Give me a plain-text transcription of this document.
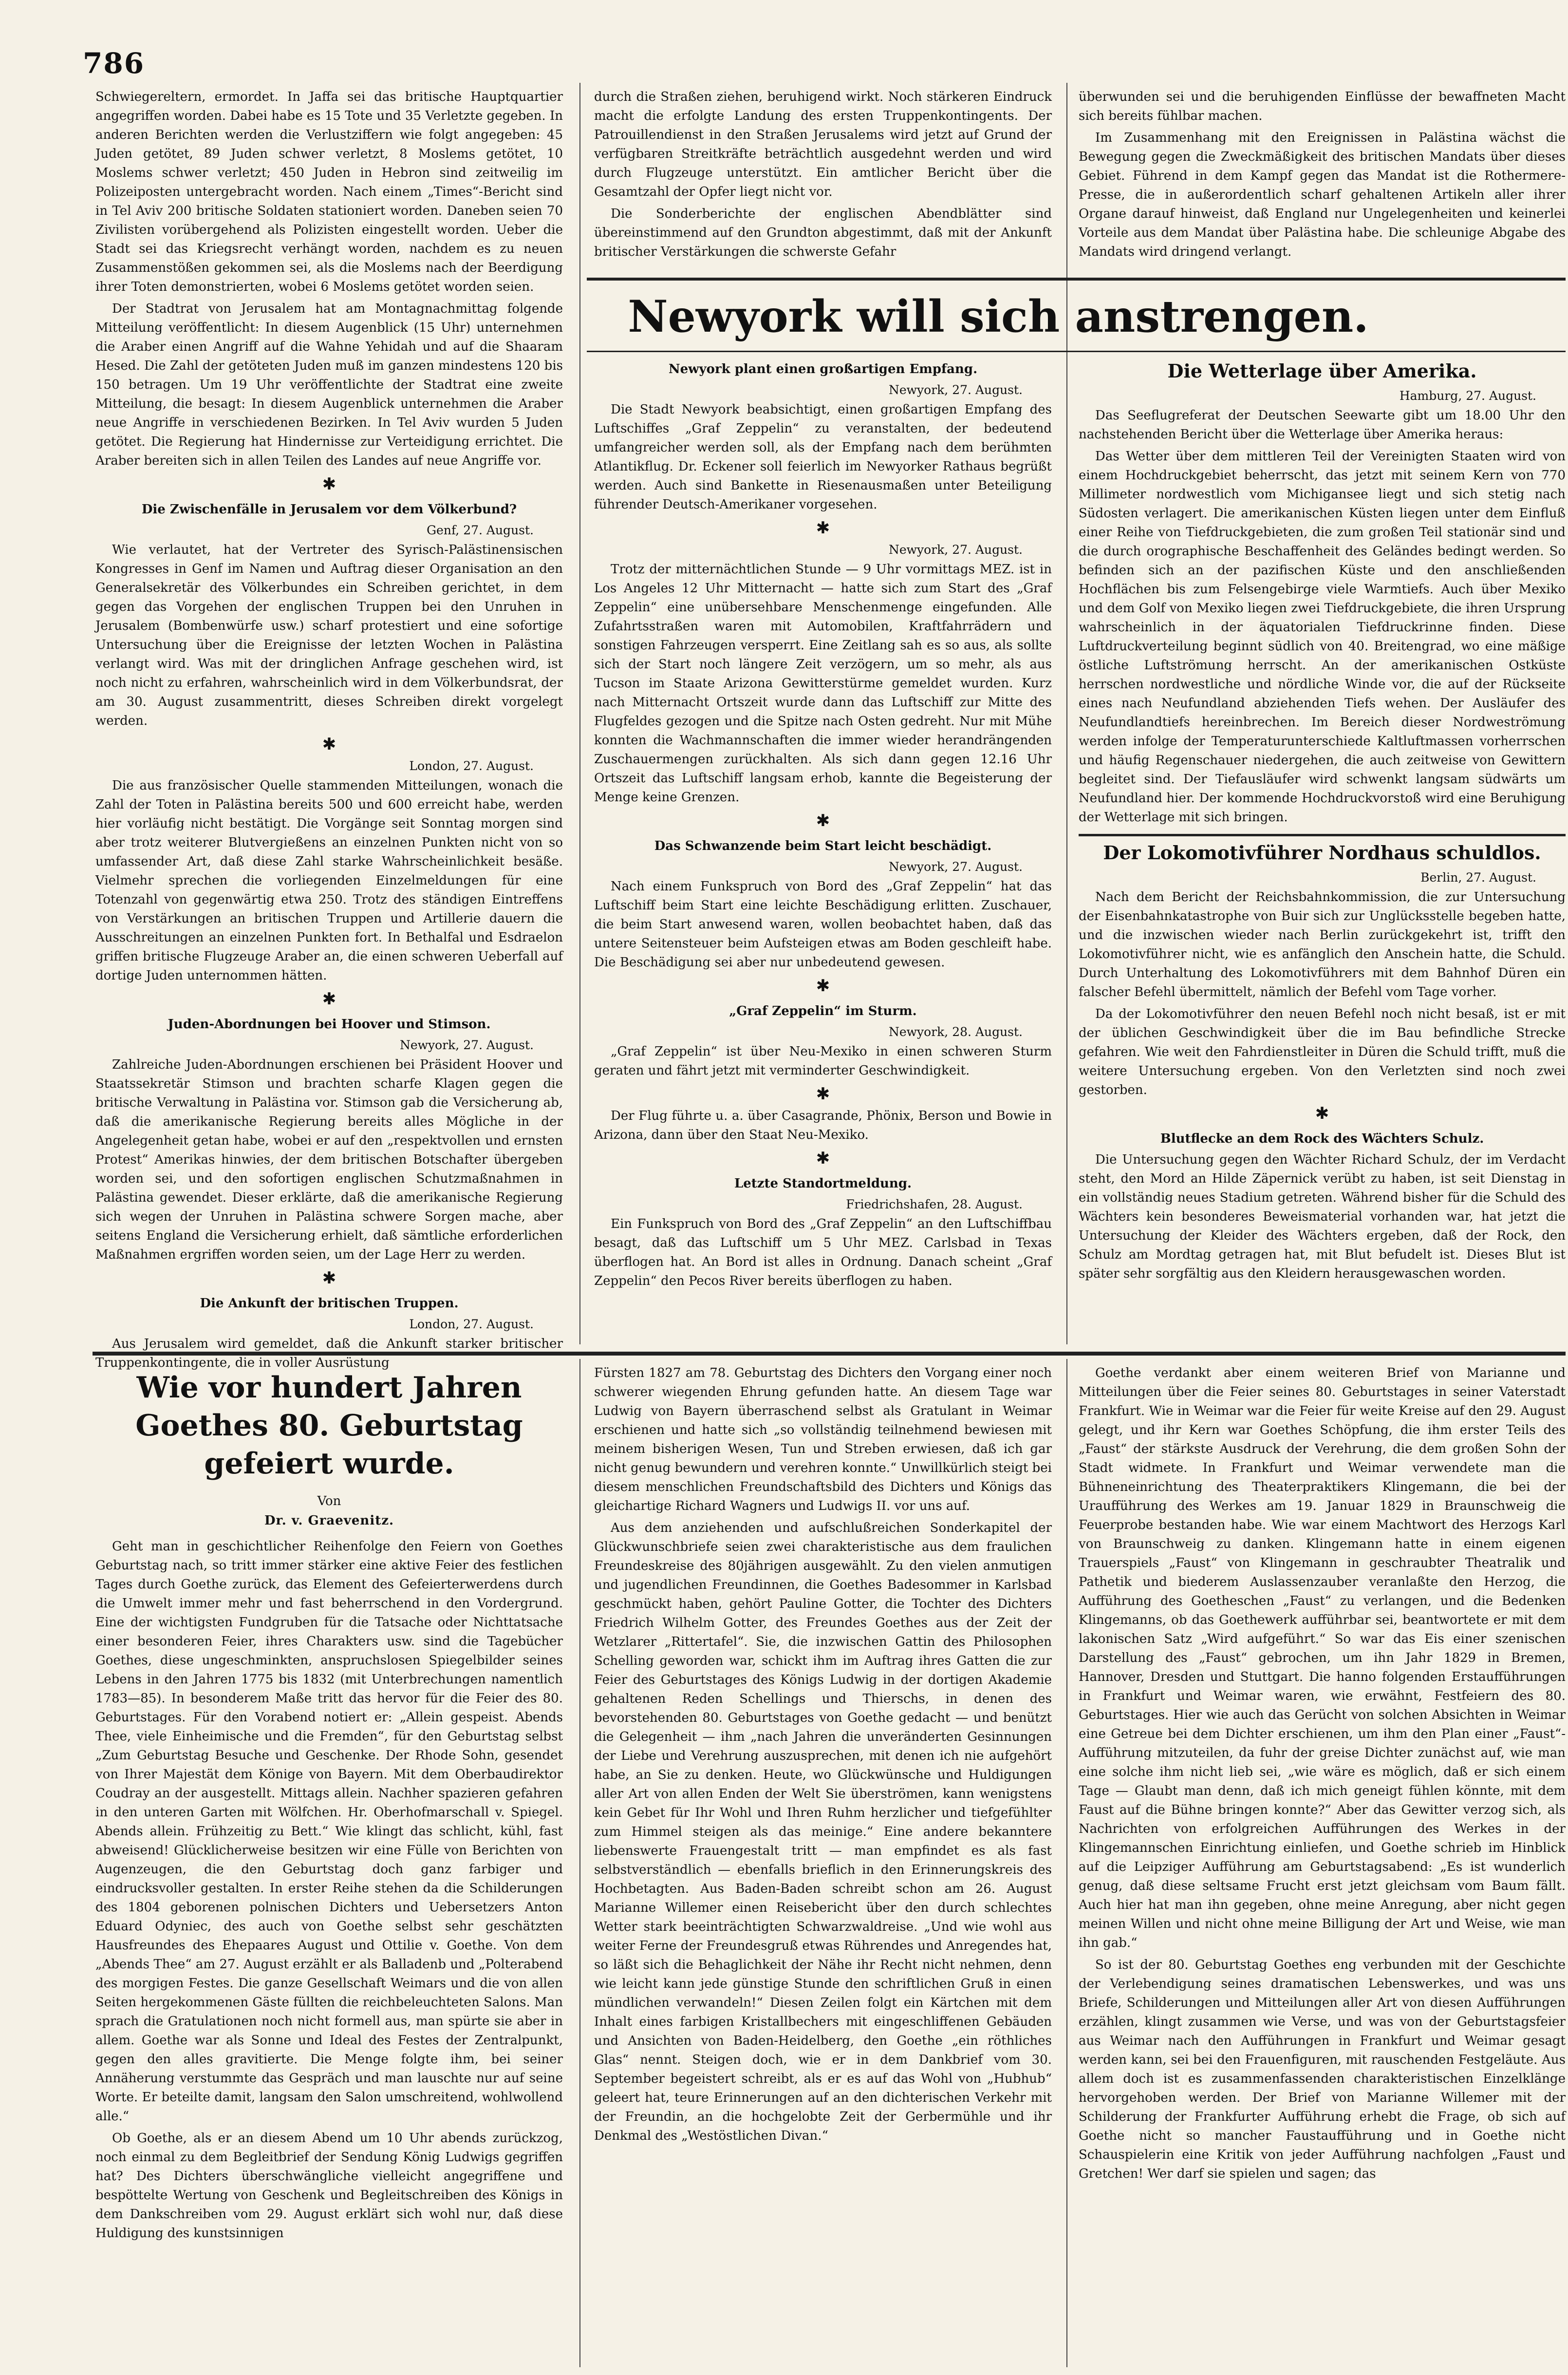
786

Schwiegereltern, ermordet. In Jaffa sei das britische Hauptquartier angegriffen worden. Dabei habe es 15 Tote und 35 Verletzte gegeben. In anderen Berichten werden die Verlustziffern wie folgt angegeben: 45 Juden getötet, 89 Juden schwer verletzt, 8 Moslems getötet, 10 Moslems schwer verletzt; 450 Juden in Hebron sind zeitweilig im Polizeiposten untergebracht worden. Nach einem „Times“-Bericht sind in Tel Aviv 200 britische Soldaten stationiert worden. Daneben seien 70 Zivilisten vorübergehend als Polizisten eingestellt worden. Ueber die Stadt sei das Kriegsrecht verhängt worden, nachdem es zu neuen Zusammenstößen gekommen sei, als die Moslems nach der Beerdigung ihrer Toten demonstrierten, wobei 6 Moslems getötet worden seien.

Der Stadtrat von Jerusalem hat am Montagnachmittag folgende Mitteilung veröffentlicht: In diesem Augenblick (15 Uhr) unternehmen die Araber einen Angriff auf die Wahne Yehidah und auf die Shaaram Hesed. Die Zahl der getöteten Juden muß im ganzen mindestens 120 bis 150 betragen. Um 19 Uhr veröffentlichte der Stadtrat eine zweite Mitteilung, die besagt: In diesem Augenblick unternehmen die Araber neue Angriffe in verschiedenen Bezirken. In Tel Aviv wurden 5 Juden getötet. Die Regierung hat Hindernisse zur Verteidigung errichtet. Die Araber bereiten sich in allen Teilen des Landes auf neue Angriffe vor.

✱
Die Zwischenfälle in Jerusalem vor dem Völkerbund?
Genf, 27. August.

Wie verlautet, hat der Vertreter des Syrisch-Palästinensischen Kongresses in Genf im Namen und Auftrag dieser Organisation an den Generalsekretär des Völkerbundes ein Schreiben gerichtet, in dem gegen das Vorgehen der englischen Truppen bei den Unruhen in Jerusalem (Bombenwürfe usw.) scharf protestiert und eine sofortige Untersuchung über die Ereignisse der letzten Wochen in Palästina verlangt wird. Was mit der dringlichen Anfrage geschehen wird, ist noch nicht zu erfahren, wahrscheinlich wird in dem Völkerbundsrat, der am 30. August zusammentritt, dieses Schreiben direkt vorgelegt werden.

✱
London, 27. August.

Die aus französischer Quelle stammenden Mitteilungen, wonach die Zahl der Toten in Palästina bereits 500 und 600 erreicht habe, werden hier vorläufig nicht bestätigt. Die Vorgänge seit Sonntag morgen sind aber trotz weiterer Blutvergießens an einzelnen Punkten nicht von so umfassender Art, daß diese Zahl starke Wahrscheinlichkeit besäße. Vielmehr sprechen die vorliegenden Einzelmeldungen für eine Totenzahl von gegenwärtig etwa 250. Trotz des ständigen Eintreffens von Verstärkungen an britischen Truppen und Artillerie dauern die Ausschreitungen an einzelnen Punkten fort. In Bethalfal und Esdraelon griffen britische Flugzeuge Araber an, die einen schweren Ueberfall auf dortige Juden unternommen hätten.

✱
Juden-Abordnungen bei Hoover und Stimson.
Newyork, 27. August.

Zahlreiche Juden-Abordnungen erschienen bei Präsident Hoover und Staatssekretär Stimson und brachten scharfe Klagen gegen die britische Verwaltung in Palästina vor. Stimson gab die Versicherung ab, daß die amerikanische Regierung bereits alles Mögliche in der Angelegenheit getan habe, wobei er auf den „respektvollen und ernsten Protest“ Amerikas hinwies, der dem britischen Botschafter übergeben worden sei, und den sofortigen englischen Schutzmaßnahmen in Palästina gewendet. Dieser erklärte, daß die amerikanische Regierung sich wegen der Unruhen in Palästina schwere Sorgen mache, aber seitens England die Versicherung erhielt, daß sämtliche erforderlichen Maßnahmen ergriffen worden seien, um der Lage Herr zu werden.

✱
Die Ankunft der britischen Truppen.
London, 27. August.

Aus Jerusalem wird gemeldet, daß die Ankunft starker britischer Truppenkontingente, die in voller Ausrüstung

durch die Straßen ziehen, beruhigend wirkt. Noch stärkeren Eindruck macht die erfolgte Landung des ersten Truppenkontingents. Der Patrouillendienst in den Straßen Jerusalems wird jetzt auf Grund der verfügbaren Streitkräfte beträchtlich ausgedehnt werden und wird durch Flugzeuge unterstützt. Ein amtlicher Bericht über die Gesamtzahl der Opfer liegt nicht vor.

Die Sonderberichte der englischen Abendblätter sind übereinstimmend auf den Grundton abgestimmt, daß mit der Ankunft britischer Verstärkungen die schwerste Gefahr

überwunden sei und die beruhigenden Einflüsse der bewaffneten Macht sich bereits fühlbar machen.

Im Zusammenhang mit den Ereignissen in Palästina wächst die Bewegung gegen die Zweckmäßigkeit des britischen Mandats über dieses Gebiet. Führend in dem Kampf gegen das Mandat ist die Rothermere-Presse, die in außerordentlich scharf gehaltenen Artikeln aller ihrer Organe darauf hinweist, daß England nur Ungelegenheiten und keinerlei Vorteile aus dem Mandat über Palästina habe. Die schleunige Abgabe des Mandats wird dringend verlangt.

Newyork will sich anstrengen.
Newyork plant einen großartigen Empfang.
Newyork, 27. August.

Die Stadt Newyork beabsichtigt, einen großartigen Empfang des Luftschiffes „Graf Zeppelin“ zu veranstalten, der bedeutend umfangreicher werden soll, als der Empfang nach dem berühmten Atlantikflug. Dr. Eckener soll feierlich im Newyorker Rathaus begrüßt werden. Auch sind Bankette in Riesenausmaßen unter Beteiligung führender Deutsch-Amerikaner vorgesehen.

✱
Newyork, 27. August.

Trotz der mitternächtlichen Stunde — 9 Uhr vormittags MEZ. ist in Los Angeles 12 Uhr Mitternacht — hatte sich zum Start des „Graf Zeppelin“ eine unübersehbare Menschenmenge eingefunden. Alle Zufahrtsstraßen waren mit Automobilen, Kraftfahrrädern und sonstigen Fahrzeugen versperrt. Eine Zeitlang sah es so aus, als sollte sich der Start noch längere Zeit verzögern, um so mehr, als aus Tucson im Staate Arizona Gewitterstürme gemeldet wurden. Kurz nach Mitternacht Ortszeit wurde dann das Luftschiff zur Mitte des Flugfeldes gezogen und die Spitze nach Osten gedreht. Nur mit Mühe konnten die Wachmannschaften die immer wieder herandrängenden Zuschauermengen zurückhalten. Als sich dann gegen 12.16 Uhr Ortszeit das Luftschiff langsam erhob, kannte die Begeisterung der Menge keine Grenzen.

✱
Das Schwanzende beim Start leicht beschädigt.
Newyork, 27. August.

Nach einem Funkspruch von Bord des „Graf Zeppelin“ hat das Luftschiff beim Start eine leichte Beschädigung erlitten. Zuschauer, die beim Start anwesend waren, wollen beobachtet haben, daß das untere Seitensteuer beim Aufsteigen etwas am Boden geschleift habe. Die Beschädigung sei aber nur unbedeutend gewesen.

✱
„Graf Zeppelin“ im Sturm.
Newyork, 28. August.

„Graf Zeppelin“ ist über Neu-Mexiko in einen schweren Sturm geraten und fährt jetzt mit verminderter Geschwindigkeit.

✱

Der Flug führte u. a. über Casagrande, Phönix, Berson und Bowie in Arizona, dann über den Staat Neu-Mexiko.

✱
Letzte Standortmeldung.
Friedrichshafen, 28. August.

Ein Funkspruch von Bord des „Graf Zeppelin“ an den Luftschiffbau besagt, daß das Luftschiff um 5 Uhr MEZ. Carlsbad in Texas überflogen hat. An Bord ist alles in Ordnung. Danach scheint „Graf Zeppelin“ den Pecos River bereits überflogen zu haben.

Die Wetterlage über Amerika.
Hamburg, 27. August.

Das Seeflugreferat der Deutschen Seewarte gibt um 18.00 Uhr den nachstehenden Bericht über die Wetterlage über Amerika heraus:

Das Wetter über dem mittleren Teil der Vereinigten Staaten wird von einem Hochdruckgebiet beherrscht, das jetzt mit seinem Kern von 770 Millimeter nordwestlich vom Michigansee liegt und sich stetig nach Südosten verlagert. Die amerikanischen Küsten liegen unter dem Einfluß einer Reihe von Tiefdruckgebieten, die zum großen Teil stationär sind und die durch orographische Beschaffenheit des Geländes bedingt werden. So befinden sich an der pazifischen Küste und den anschließenden Hochflächen bis zum Felsengebirge viele Warmtiefs. Auch über Mexiko und dem Golf von Mexiko liegen zwei Tiefdruckgebiete, die ihren Ursprung wahrscheinlich in der äquatorialen Tiefdruckrinne finden. Diese Luftdruckverteilung beginnt südlich von 40. Breitengrad, wo eine mäßige östliche Luftströmung herrscht. An der amerikanischen Ostküste herrschen nordwestliche und nördliche Winde vor, die auf der Rückseite eines nach Neufundland abziehenden Tiefs wehen. Der Ausläufer des Neufundlandtiefs hereinbrechen. Im Bereich dieser Nordweströmung werden infolge der Temperaturunterschiede Kaltluftmassen vorherrschen und häufig Regenschauer niedergehen, die auch zeitweise von Gewittern begleitet sind. Der Tiefausläufer wird schwenkt langsam südwärts um Neufundland hier. Der kommende Hochdruckvorstoß wird eine Beruhigung der Wetterlage mit sich bringen.

Der Lokomotivführer Nordhaus schuldlos.
Berlin, 27. August.

Nach dem Bericht der Reichsbahnkommission, die zur Untersuchung der Eisenbahnkatastrophe von Buir sich zur Unglücksstelle begeben hatte, und die inzwischen wieder nach Berlin zurückgekehrt ist, trifft den Lokomotivführer nicht, wie es anfänglich den Anschein hatte, die Schuld. Durch Unterhaltung des Lokomotivführers mit dem Bahnhof Düren ein falscher Befehl übermittelt, nämlich der Befehl vom Tage vorher.

Da der Lokomotivführer den neuen Befehl noch nicht besaß, ist er mit der üblichen Geschwindigkeit über die im Bau befindliche Strecke gefahren. Wie weit den Fahrdienstleiter in Düren die Schuld trifft, muß die weitere Untersuchung ergeben. Von den Verletzten sind noch zwei gestorben.

✱
Blutflecke an dem Rock des Wächters Schulz.

Die Untersuchung gegen den Wächter Richard Schulz, der im Verdacht steht, den Mord an Hilde Zäpernick verübt zu haben, ist seit Dienstag in ein vollständig neues Stadium getreten. Während bisher für die Schuld des Wächters kein besonderes Beweismaterial vorhanden war, hat jetzt die Untersuchung der Kleider des Wächters ergeben, daß der Rock, den Schulz am Mordtag getragen hat, mit Blut befudelt ist. Dieses Blut ist später sehr sorgfältig aus den Kleidern herausgewaschen worden.

Wie vor hundert Jahren Goethes 80. Geburtstag gefeiert wurde.
Von
Dr. v. Graevenitz.

Geht man in geschichtlicher Reihenfolge den Feiern von Goethes Geburtstag nach, so tritt immer stärker eine aktive Feier des festlichen Tages durch Goethe zurück, das Element des Gefeierterwerdens durch die Umwelt immer mehr und fast beherrschend in den Vordergrund. Eine der wichtigsten Fundgruben für die Tatsache oder Nichttatsache einer besonderen Feier, ihres Charakters usw. sind die Tagebücher Goethes, diese ungeschminkten, anspruchslosen Spiegelbilder seines Lebens in den Jahren 1775 bis 1832 (mit Unterbrechungen namentlich 1783—85). In besonderem Maße tritt das hervor für die Feier des 80. Geburtstages. Für den Vorabend notiert er: „Allein gespeist. Abends Thee, viele Einheimische und die Fremden“, für den Geburtstag selbst „Zum Geburtstag Besuche und Geschenke. Der Rhode Sohn, gesendet von Ihrer Majestät dem Könige von Bayern. Mit dem Oberbaudirektor Coudray an der ausgestellt. Mittags allein. Nachher spazieren gefahren in den unteren Garten mit Wölfchen. Hr. Oberhofmarschall v. Spiegel. Abends allein. Frühzeitig zu Bett.“ Wie klingt das schlicht, kühl, fast abweisend! Glücklicherweise besitzen wir eine Fülle von Berichten von Augenzeugen, die den Geburtstag doch ganz farbiger und eindrucksvoller gestalten. In erster Reihe stehen da die Schilderungen des 1804 geborenen polnischen Dichters und Uebersetzers Anton Eduard Odyniec, des auch von Goethe selbst sehr geschätzten Hausfreundes des Ehepaares August und Ottilie v. Goethe. Von dem „Abends Thee“ am 27. August erzählt er als Balladenb und „Polterabend des morgigen Festes. Die ganze Gesellschaft Weimars und die von allen Seiten hergekommenen Gäste füllten die reichbeleuchteten Salons. Man sprach die Gratulationen noch nicht formell aus, man spürte sie aber in allem. Goethe war als Sonne und Ideal des Festes der Zentralpunkt, gegen den alles gravitierte. Die Menge folgte ihm, bei seiner Annäherung verstummte das Gespräch und man lauschte nur auf seine Worte. Er beteilte damit, langsam den Salon umschreitend, wohlwollend alle.“

Ob Goethe, als er an diesem Abend um 10 Uhr abends zurückzog, noch einmal zu dem Begleitbrief der Sendung König Ludwigs gegriffen hat? Des Dichters überschwängliche vielleicht angegriffene und bespöttelte Wertung von Geschenk und Begleitschreiben des Königs in dem Dankschreiben vom 29. August erklärt sich wohl nur, daß diese Huldigung des kunstsinnigen

Fürsten 1827 am 78. Geburtstag des Dichters den Vorgang einer noch schwerer wiegenden Ehrung gefunden hatte. An diesem Tage war Ludwig von Bayern überraschend selbst als Gratulant in Weimar erschienen und hatte sich „so vollständig teilnehmend bewiesen mit meinem bisherigen Wesen, Tun und Streben erwiesen, daß ich gar nicht genug bewundern und verehren konnte.“ Unwillkürlich steigt bei diesem menschlichen Freundschaftsbild des Dichters und Königs das gleichartige Richard Wagners und Ludwigs II. vor uns auf.

Aus dem anziehenden und aufschlußreichen Sonderkapitel der Glückwunschbriefe seien zwei charakteristische aus dem fraulichen Freundeskreise des 80jährigen ausgewählt. Zu den vielen anmutigen und jugendlichen Freundinnen, die Goethes Badesommer in Karlsbad geschmückt haben, gehört Pauline Gotter, die Tochter des Dichters Friedrich Wilhelm Gotter, des Freundes Goethes aus der Zeit der Wetzlarer „Rittertafel“. Sie, die inzwischen Gattin des Philosophen Schelling geworden war, schickt ihm im Auftrag ihres Gatten die zur Feier des Geburtstages des Königs Ludwig in der dortigen Akademie gehaltenen Reden Schellings und Thierschs, in denen des bevorstehenden 80. Geburtstages von Goethe gedacht — und benützt die Gelegenheit — ihm „nach Jahren die unveränderten Gesinnungen der Liebe und Verehrung auszusprechen, mit denen ich nie aufgehört habe, an Sie zu denken. Heute, wo Glückwünsche und Huldigungen aller Art von allen Enden der Welt Sie überströmen, kann wenigstens kein Gebet für Ihr Wohl und Ihren Ruhm herzlicher und tiefgefühlter zum Himmel steigen als das meinige.“ Eine andere bekanntere liebenswerte Frauengestalt tritt — man empfindet es als fast selbstverständlich — ebenfalls brieflich in den Erinnerungskreis des Hochbetagten. Aus Baden-Baden schreibt schon am 26. August Marianne Willemer einen Reisebericht über den durch schlechtes Wetter stark beeinträchtigten Schwarzwaldreise. „Und wie wohl aus weiter Ferne der Freundesgruß etwas Rührendes und Anregendes hat, so läßt sich die Behaglichkeit der Nähe ihr Recht nicht nehmen, denn wie leicht kann jede günstige Stunde den schriftlichen Gruß in einen mündlichen verwandeln!“ Diesen Zeilen folgt ein Kärtchen mit dem Inhalt eines farbigen Kristallbechers mit eingeschliffenen Gebäuden und Ansichten von Baden-Heidelberg, den Goethe „ein röthliches Glas“ nennt. Steigen doch, wie er in dem Dankbrief vom 30. September begeistert schreibt, als er es auf das Wohl von „Hubhub“ geleert hat, teure Erinnerungen auf an den dichterischen Verkehr mit der Freundin, an die hochgelobte Zeit der Gerbermühle und ihr Denkmal des „Westöstlichen Divan.“

Goethe verdankt aber einem weiteren Brief von Marianne und Mitteilungen über die Feier seines 80. Geburtstages in seiner Vaterstadt Frankfurt. Wie in Weimar war die Feier für weite Kreise auf den 29. August gelegt, und ihr Kern war Goethes Schöpfung, die ihm erster Teils des „Faust“ der stärkste Ausdruck der Verehrung, die dem großen Sohn der Stadt widmete. In Frankfurt und Weimar verwendete man die Bühneneinrichtung des Theaterpraktikers Klingemann, die bei der Uraufführung des Werkes am 19. Januar 1829 in Braunschweig die Feuerprobe bestanden habe. Wie war einem Machtwort des Herzogs Karl von Braunschweig zu danken. Klingemann hatte in einem eigenen Trauerspiels „Faust“ von Klingemann in geschraubter Theatralik und Pathetik und biederem Auslassenzauber veranlaßte den Herzog, die Aufführung des Goetheschen „Faust“ zu verlangen, und die Bedenken Klingemanns, ob das Goethewerk aufführbar sei, beantwortete er mit dem lakonischen Satz „Wird aufgeführt.“ So war das Eis einer szenischen Darstellung des „Faust“ gebrochen, um ihn Jahr 1829 in Bremen, Hannover, Dresden und Stuttgart. Die hanno folgenden Erstaufführungen in Frankfurt und Weimar waren, wie erwähnt, Festfeiern des 80. Geburtstages. Hier wie auch das Gerücht von solchen Absichten in Weimar eine Getreue bei dem Dichter erschienen, um ihm den Plan einer „Faust“-Aufführung mitzuteilen, da fuhr der greise Dichter zunächst auf, wie man eine solche ihm nicht lieb sei, „wie wäre es möglich, daß er sich einem Tage — Glaubt man denn, daß ich mich geneigt fühlen könnte, mit dem Faust auf die Bühne bringen konnte?“ Aber das Gewitter verzog sich, als Nachrichten von erfolgreichen Aufführungen des Werkes in der Klingemannschen Einrichtung einliefen, und Goethe schrieb im Hinblick auf die Leipziger Aufführung am Geburtstagsabend: „Es ist wunderlich genug, daß diese seltsame Frucht erst jetzt gleichsam vom Baum fällt. Auch hier hat man ihn gegeben, ohne meine Anregung, aber nicht gegen meinen Willen und nicht ohne meine Billigung der Art und Weise, wie man ihn gab.“

So ist der 80. Geburtstag Goethes eng verbunden mit der Geschichte der Verlebendigung seines dramatischen Lebenswerkes, und was uns Briefe, Schilderungen und Mitteilungen aller Art von diesen Aufführungen erzählen, klingt zusammen wie Verse, und was von der Geburtstagsfeier aus Weimar nach den Aufführungen in Frankfurt und Weimar gesagt werden kann, sei bei den Frauenfiguren, mit rauschenden Festgeläute. Aus allem doch ist es zusammenfassenden charakteristischen Einzelklänge hervorgehoben werden. Der Brief von Marianne Willemer mit der Schilderung der Frankfurter Aufführung erhebt die Frage, ob sich auf Goethe nicht so mancher Faustaufführung und in Goethe nicht Schauspielerin eine Kritik von jeder Aufführung nachfolgen „Faust und Gretchen! Wer darf sie spielen und sagen; das
